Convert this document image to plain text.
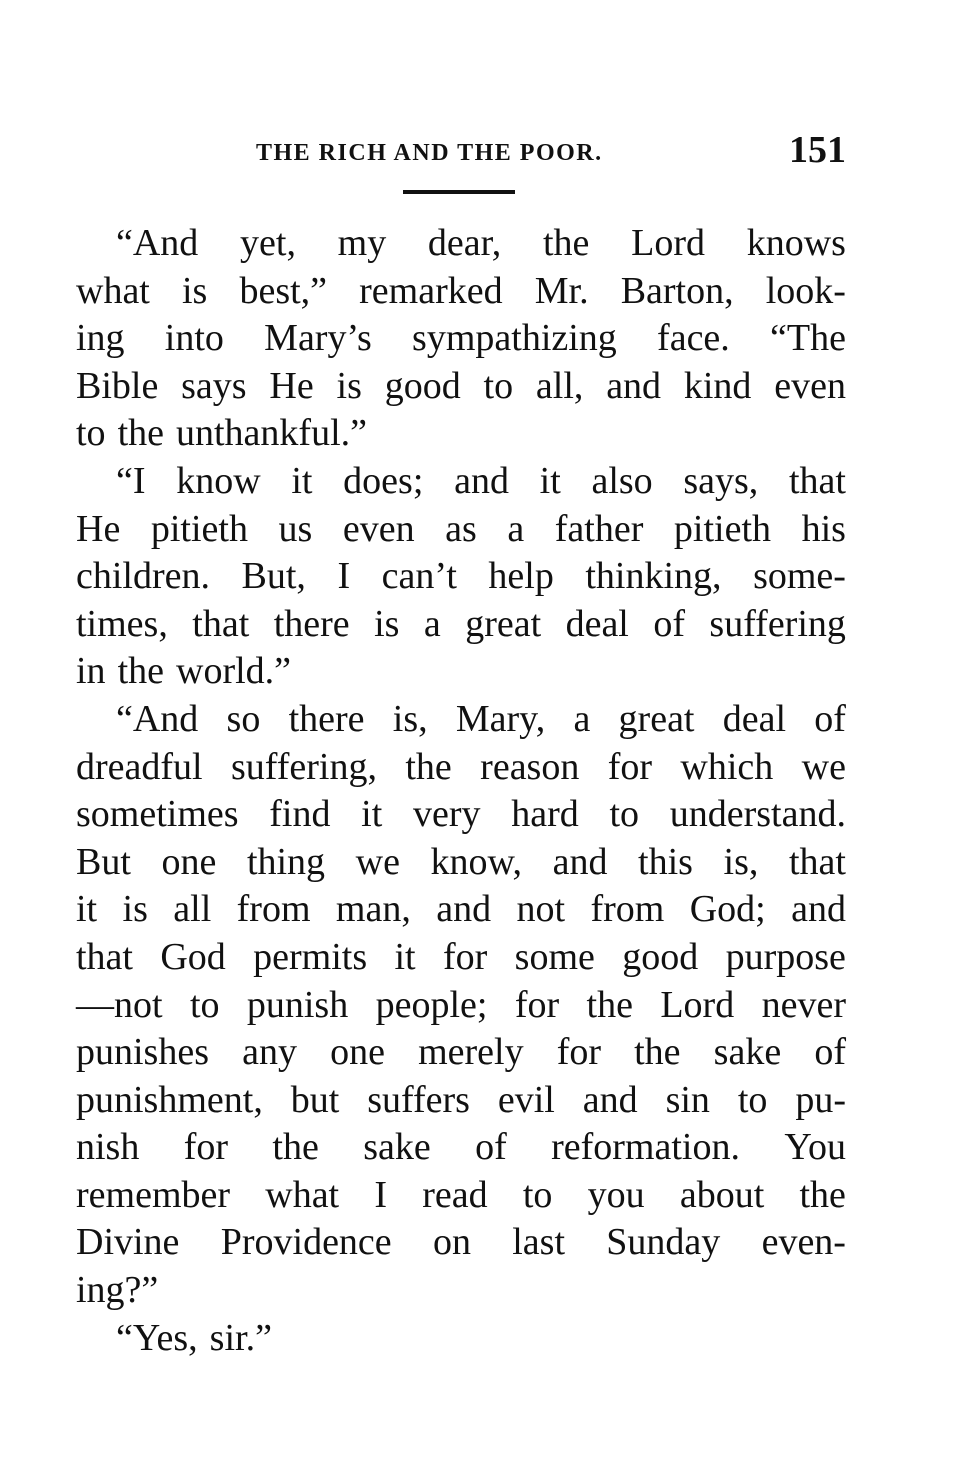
THE RICH AND THE POOR.	151
“And yet, my dear, the Lord knows
what is best,” remarked Mr. Barton, look-
ing into Mary’s sympathizing face. “The
Bible says He is good to all, and kind even
to the unthankful.”
“I know it does; and it also says, that
He pitieth us even as a father pitieth his
children. But, I can’t help thinking, some-
times, that there is a great deal of suffering
in the world.”
“And so there is, Mary, a great deal of
dreadful suffering, the reason for which we
sometimes find it very hard to understand.
But one thing we know, and this is, that
it is all from man, and not from God; and
that God permits it for some good purpose
—not to punish people; for the Lord never
punishes any one merely for the sake of
punishment, but suffers evil and sin to pu-
nish for the sake of reformation. You
remember what I read to you about the
Divine Providence on last Sunday even-
ing?”
“Yes, sir.”
